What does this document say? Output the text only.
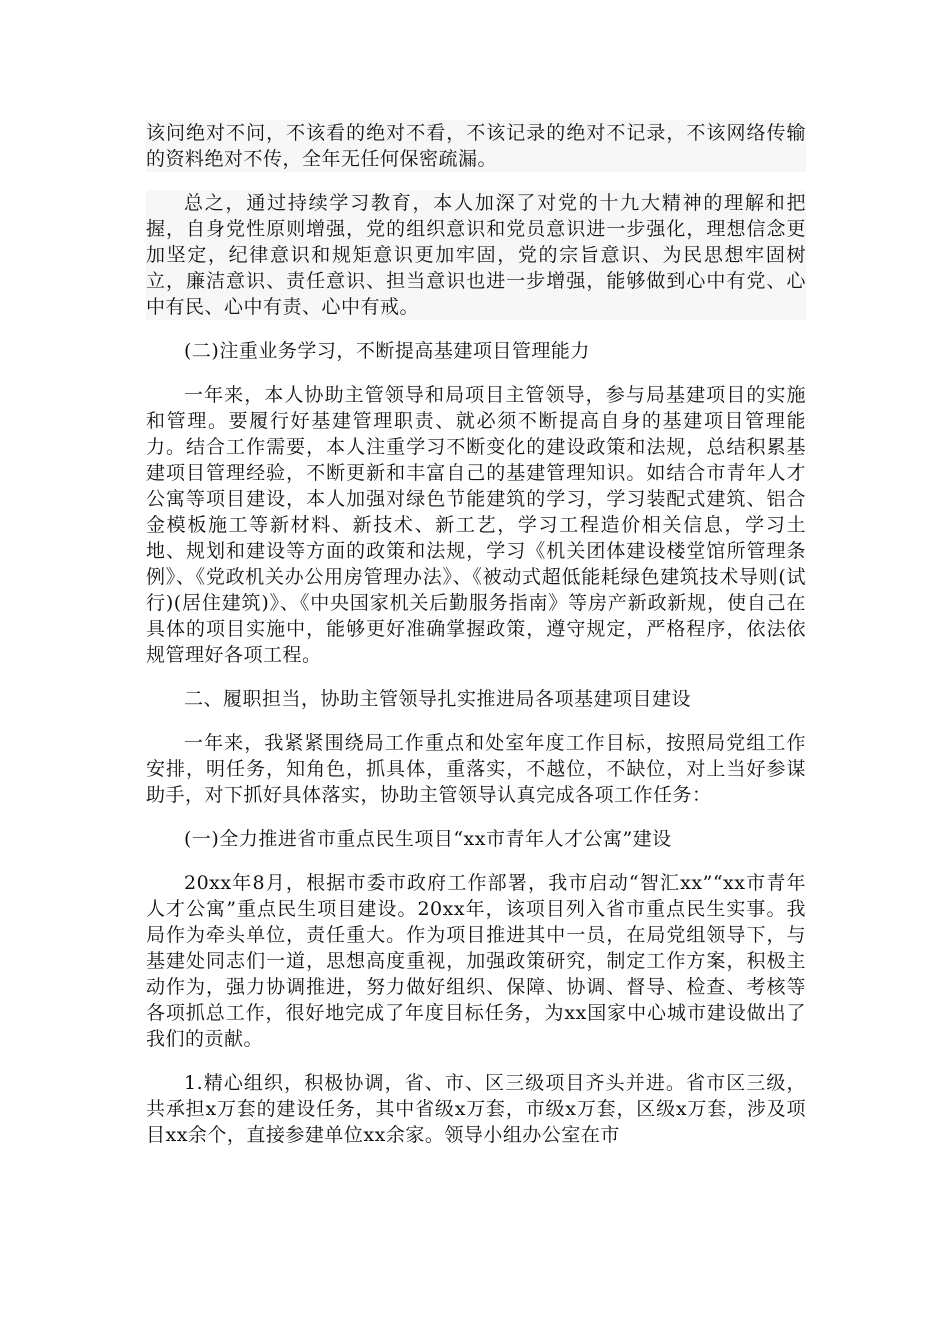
该问绝对不问，不该看的绝对不看，不该记录的绝对不记录，不该网络传输的资料绝对不传，全年无任何保密疏漏。

总之，通过持续学习教育，本人加深了对党的十九大精神的理解和把握，自身党性原则增强，党的组织意识和党员意识进一步强化，理想信念更加坚定，纪律意识和规矩意识更加牢固，党的宗旨意识、为民思想牢固树立，廉洁意识、责任意识、担当意识也进一步增强，能够做到心中有党、心中有民、心中有责、心中有戒。

(二)注重业务学习，不断提高基建项目管理能力

一年来，本人协助主管领导和局项目主管领导，参与局基建项目的实施和管理。要履行好基建管理职责、就必须不断提高自身的基建项目管理能力。结合工作需要，本人注重学习不断变化的建设政策和法规，总结积累基建项目管理经验，不断更新和丰富自己的基建管理知识。如结合市青年人才公寓等项目建设，本人加强对绿色节能建筑的学习，学习装配式建筑、铝合金模板施工等新材料、新技术、新工艺，学习工程造价相关信息，学习土地、规划和建设等方面的政策和法规，学习《机关团体建设楼堂馆所管理条例》、《党政机关办公用房管理办法》、《被动式超低能耗绿色建筑技术导则(试行)(居住建筑)》、《中央国家机关后勤服务指南》等房产新政新规，使自己在具体的项目实施中，能够更好准确掌握政策，遵守规定，严格程序，依法依规管理好各项工程。

二、履职担当，协助主管领导扎实推进局各项基建项目建设

一年来，我紧紧围绕局工作重点和处室年度工作目标，按照局党组工作安排，明任务，知角色，抓具体，重落实，不越位，不缺位，对上当好参谋助手，对下抓好具体落实，协助主管领导认真完成各项工作任务：

(一)全力推进省市重点民生项目“xx市青年人才公寓”建设

20xx年8月，根据市委市政府工作部署，我市启动“智汇xx”“xx市青年人才公寓”重点民生项目建设。20xx年，该项目列入省市重点民生实事。我局作为牵头单位，责任重大。作为项目推进其中一员，在局党组领导下，与基建处同志们一道，思想高度重视，加强政策研究，制定工作方案，积极主动作为，强力协调推进，努力做好组织、保障、协调、督导、检查、考核等各项抓总工作，很好地完成了年度目标任务，为xx国家中心城市建设做出了我们的贡献。

1.精心组织，积极协调，省、市、区三级项目齐头并进。省市区三级，共承担x万套的建设任务，其中省级x万套，市级x万套，区级x万套，涉及项目xx余个，直接参建单位xx余家。领导小组办公室在市
